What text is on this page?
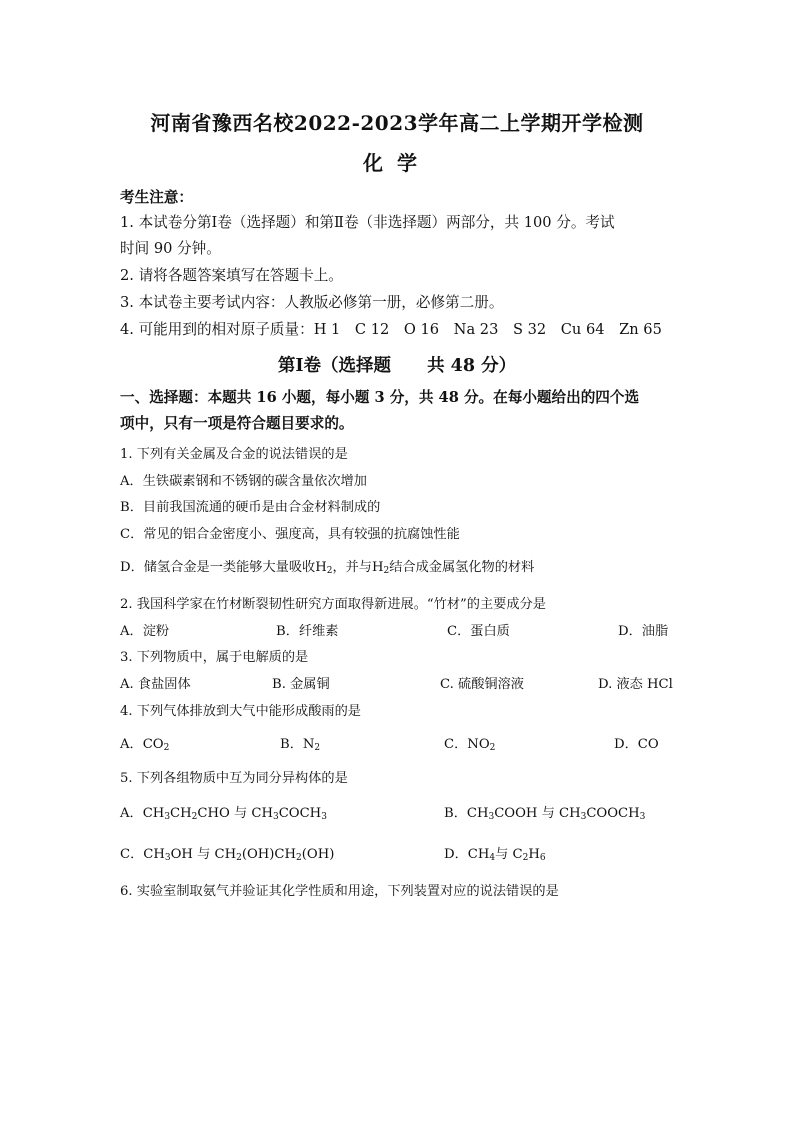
河南省豫西名校2022-2023学年高二上学期开学检测
化学
考生注意：
1. 本试卷分第Ⅰ卷（选择题）和第Ⅱ卷（非选择题）两部分，共 100 分。考试
时间 90 分钟。
2. 请将各题答案填写在答题卡上。
3. 本试卷主要考试内容：人教版必修第一册，必修第二册。
4. 可能用到的相对原子质量：H 1　C 12　O 16　Na 23　S 32　Cu 64　Zn 65
第Ⅰ卷（选择题 共 48 分）
一、选择题：本题共 16 小题，每小题 3 分，共 48 分。在每小题给出的四个选
项中，只有一项是符合题目要求的。
1. 下列有关金属及合金的说法错误的是
A．生铁碳素钢和不锈钢的碳含量依次增加
B．目前我国流通的硬币是由合金材料制成的
C．常见的铝合金密度小、强度高，具有较强的抗腐蚀性能
D．储氢合金是一类能够大量吸收$H_2$，并与$H_2$结合成金属氢化物的材料
2. 我国科学家在竹材断裂韧性研究方面取得新进展。“竹材”的主要成分是
A．淀粉	B．纤维素	C．蛋白质	D．油脂
3. 下列物质中，属于电解质的是
A. 食盐固体	B. 金属铜	C. 硫酸铜溶液	D. 液态 HCl
4. 下列气体排放到大气中能形成酸雨的是
A．$CO_2$	B．$N_2$	C．$NO_2$	D．CO
5. 下列各组物质中互为同分异构体的是
A．$CH_3CH_2CHO$ 与 $CH_3COCH_3$	B．$CH_3COOH$ 与 $CH_3COOCH_3$
C．$CH_3OH$ 与 $CH_2(OH)CH_2(OH)$	D．$CH_4$与 $C_2H_6$
6. 实验室制取氨气并验证其化学性质和用途，下列装置对应的说法错误的是
